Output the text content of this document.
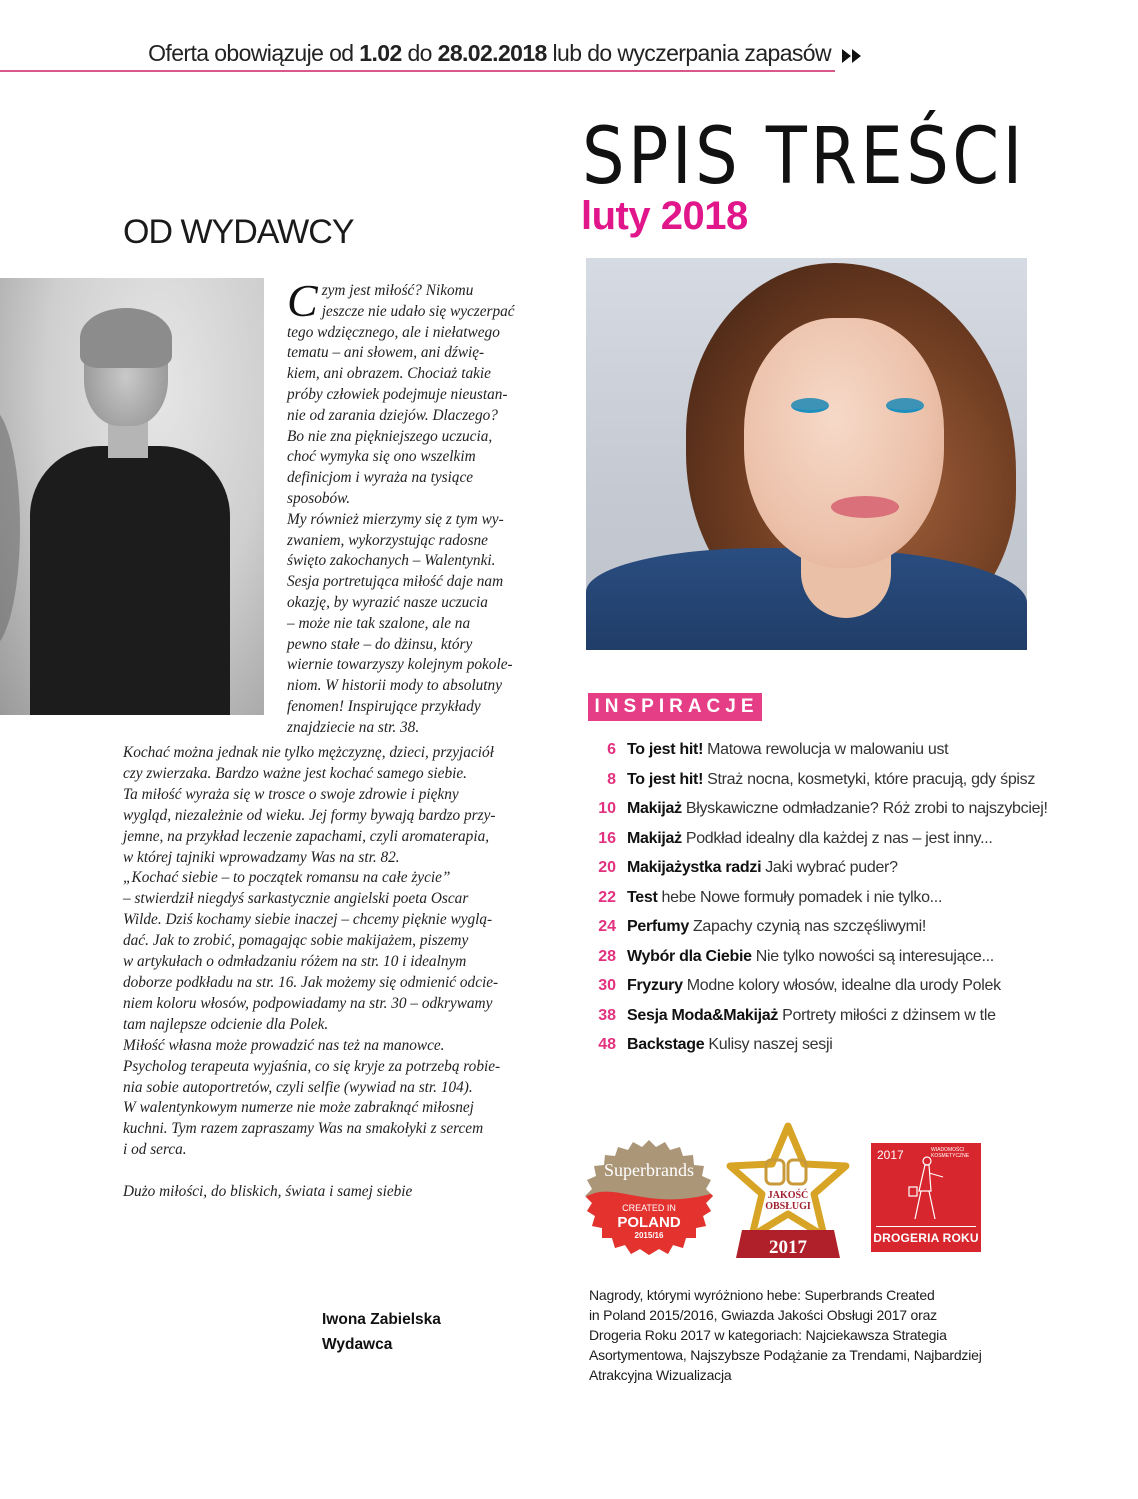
Oferta obowiązuje od 1.02 do 28.02.2018 lub do wyczerpania zapasów
SPIS TREŚCI
luty 2018
OD WYDAWCY
C zym jest miłość? Nikomu
jeszcze nie udało się wyczerpać
tego wdzięcznego, ale i niełatwego
tematu – ani słowem, ani dźwię-
kiem, ani obrazem. Chociaż takie
próby człowiek podejmuje nieustan-
nie od zarania dziejów. Dlaczego?
Bo nie zna piękniejszego uczucia,
choć wymyka się ono wszelkim
definicjom i wyraża na tysiące
sposobów.
My również mierzymy się z tym wy-
zwaniem, wykorzystując radosne
święto zakochanych – Walentynki.
Sesja portretująca miłość daje nam
okazję, by wyrazić nasze uczucia
– może nie tak szalone, ale na
pewno stałe – do dżinsu, który
wiernie towarzyszy kolejnym pokole-
niom. W historii mody to absolutny
fenomen! Inspirujące przykłady
znajdziecie na str. 38.
Kochać można jednak nie tylko mężczyznę, dzieci, przyjaciół
czy zwierzaka. Bardzo ważne jest kochać samego siebie.
Ta miłość wyraża się w trosce o swoje zdrowie i piękny
wygląd, niezależnie od wieku. Jej formy bywają bardzo przy-
jemne, na przykład leczenie zapachami, czyli aromaterapia,
w której tajniki wprowadzamy Was na str. 82.
„Kochać siebie – to początek romansu na całe życie”
– stwierdził niegdyś sarkastycznie angielski poeta Oscar
Wilde. Dziś kochamy siebie inaczej – chcemy pięknie wyglą-
dać. Jak to zrobić, pomagając sobie makijażem, piszemy
w artykułach o odmładzaniu różem na str. 10 i idealnym
doborze podkładu na str. 16. Jak możemy się odmienić odcie-
niem koloru włosów, podpowiadamy na str. 30 – odkrywamy
tam najlepsze odcienie dla Polek.
Miłość własna może prowadzić nas też na manowce.
Psycholog terapeuta wyjaśnia, co się kryje za potrzebą robie-
nia sobie autoportretów, czyli selfie (wywiad na str. 104).
W walentynkowym numerze nie może zabraknąć miłosnej
kuchni. Tym razem zapraszamy Was na smakołyki z sercem
i od serca.
Dużo miłości, do bliskich, świata i samej siebie
Iwona Zabielska
Wydawca
INSPIRACJE
6 To jest hit! Matowa rewolucja w malowaniu ust
8 To jest hit! Straż nocna, kosmetyki, które pracują, gdy śpisz
10 Makijaż Błyskawiczne odmładzanie? Róż zrobi to najszybciej!
16 Makijaż Podkład idealny dla każdej z nas – jest inny...
20 Makijażystka radzi Jaki wybrać puder?
22 Test hebe Nowe formuły pomadek i nie tylko...
24 Perfumy Zapachy czynią nas szczęśliwymi!
28 Wybór dla Ciebie Nie tylko nowości są interesujące...
30 Fryzury Modne kolory włosów, idealne dla urody Polek
38 Sesja Moda&Makijaż Portrety miłości z dżinsem w tle
48 Backstage Kulisy naszej sesji
Superbrands
CREATED IN
POLAND
2015/16
JAKOŚĆ
OBSŁUGI
2017
2017	WIADOMOŚCI KOSMETYCZNE
DROGERIA ROKU
Nagrody, którymi wyróżniono hebe: Superbrands Created
in Poland 2015/2016, Gwiazda Jakości Obsługi 2017 oraz
Drogeria Roku 2017 w kategoriach: Najciekawsza Strategia
Asortymentowa, Najszybsze Podążanie za Trendami, Najbardziej
Atrakcyjna Wizualizacja
